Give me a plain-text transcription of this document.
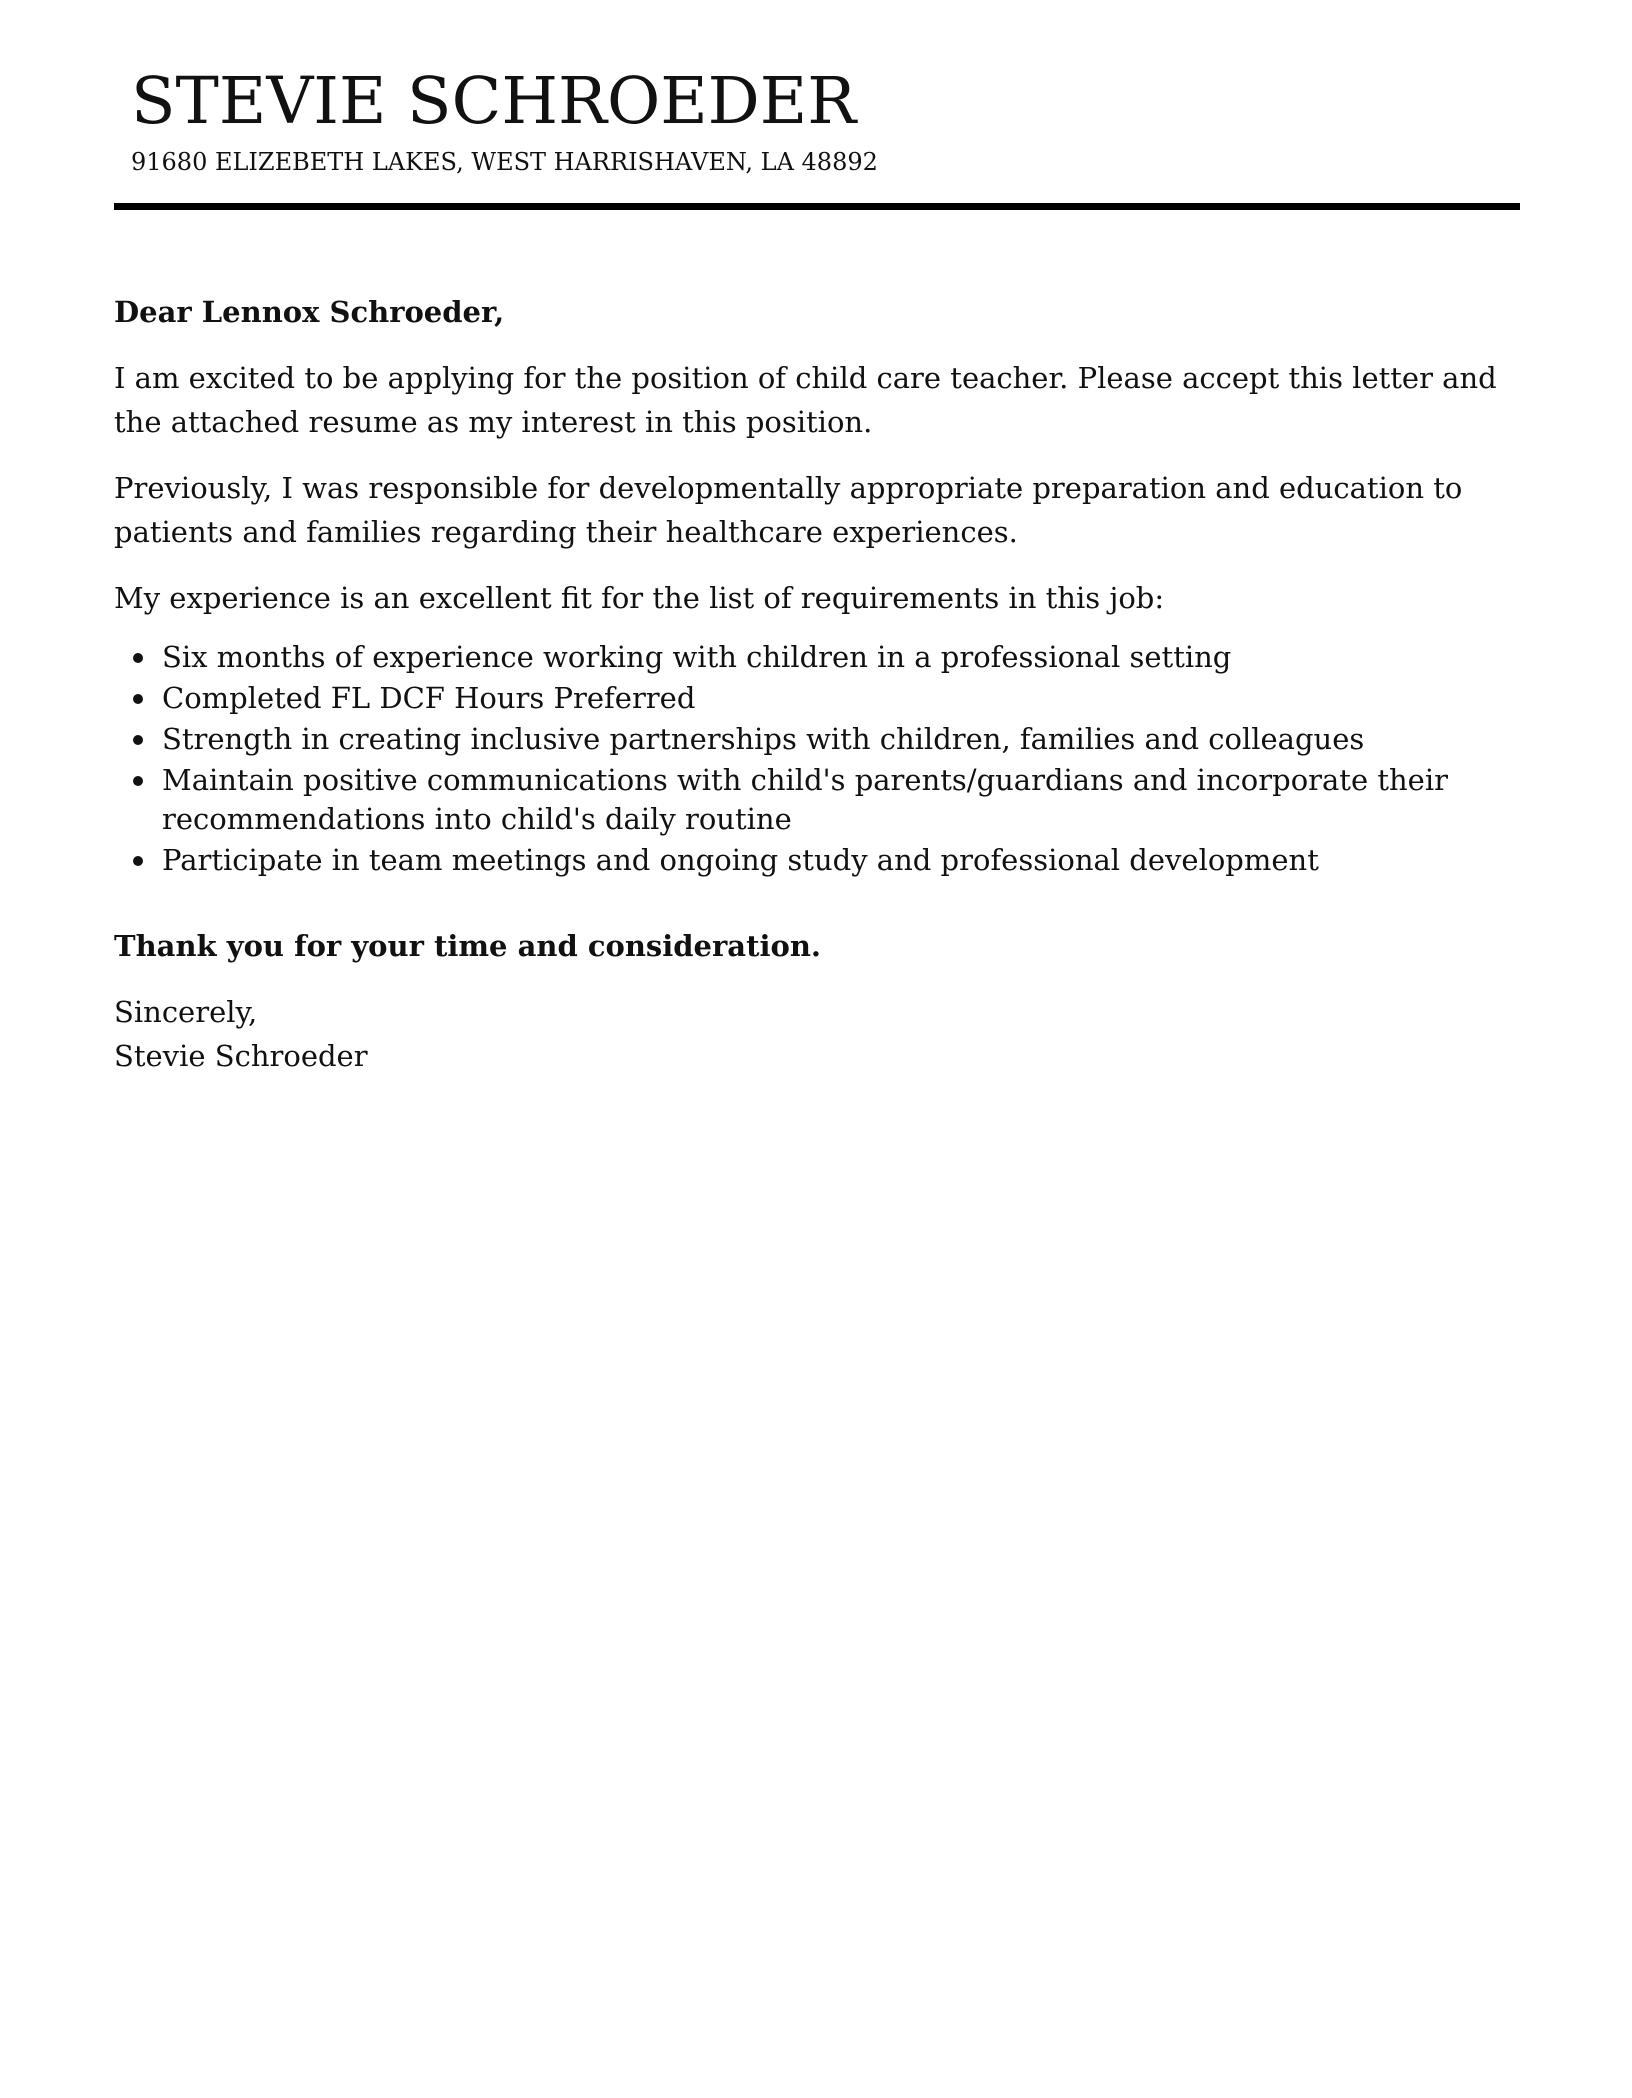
STEVIE SCHROEDER
91680 ELIZEBETH LAKES, WEST HARRISHAVEN, LA 48892

Dear Lennox Schroeder,

I am excited to be applying for the position of child care teacher. Please accept this letter and the attached resume as my interest in this position.

Previously, I was responsible for developmentally appropriate preparation and education to patients and families regarding their healthcare experiences.

My experience is an excellent fit for the list of requirements in this job:

Six months of experience working with children in a professional setting
Completed FL DCF Hours Preferred
Strength in creating inclusive partnerships with children, families and colleagues
Maintain positive communications with child's parents/guardians and incorporate their recommendations into child's daily routine
Participate in team meetings and ongoing study and professional development

Thank you for your time and consideration.

Sincerely,

Stevie Schroeder
